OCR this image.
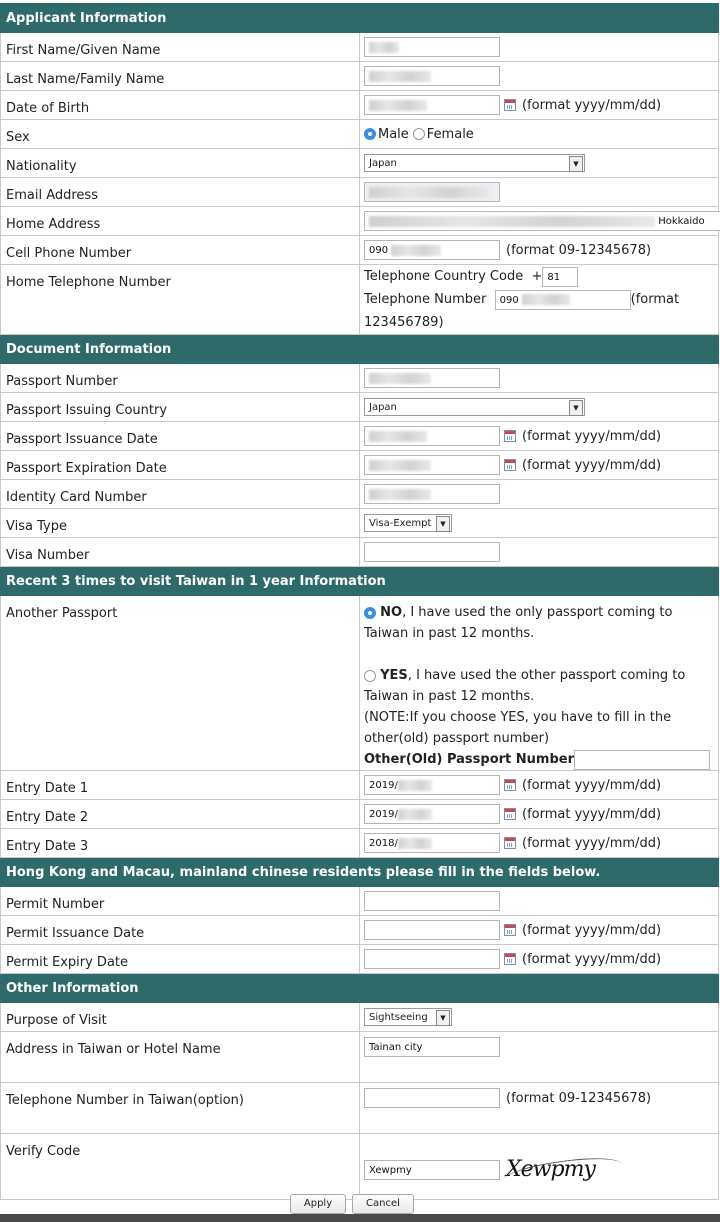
Applicant Information	
First Name/Given Name	
Last Name/Family Name	
Date of Birth	(format yyyy/mm/dd)
Sex	Male Female
Nationality	Japan ▼

Email Address	
Home Address	Hokkaido
Cell Phone Number	090 (format 09-12345678)
Home Telephone Number	Telephone Country Code + 81
Telephone Number 090 (format 123456789)

Document Information	
Passport Number	
Passport Issuing Country	Japan ▼

Passport Issuance Date	(format yyyy/mm/dd)
Passport Expiration Date	(format yyyy/mm/dd)
Identity Card Number	
Visa Type	Visa-Exempt ▼

Visa Number	
Recent 3 times to visit Taiwan in 1 year Information	
Another Passport	NO, I have used the only passport coming to Taiwan in past 12 months.
YES, I have used the other passport coming to Taiwan in past 12 months.
(NOTE:If you choose YES, you have to fill in the other(old) passport number)
Other(Old) Passport Number

Entry Date 1	2019/ (format yyyy/mm/dd)
Entry Date 2	2019/ (format yyyy/mm/dd)
Entry Date 3	2018/ (format yyyy/mm/dd)
Hong Kong and Macau, mainland chinese residents please fill in the fields below.	
Permit Number	
Permit Issuance Date	(format yyyy/mm/dd)
Permit Expiry Date	(format yyyy/mm/dd)
Other Information	
Purpose of Visit	Sightseeing ▼

Address in Taiwan or Hotel Name	Tainan city
Telephone Number in Taiwan(option)	(format 09-12345678)
Verify Code	Xewpmy Xewpmy
Apply	Cancel
